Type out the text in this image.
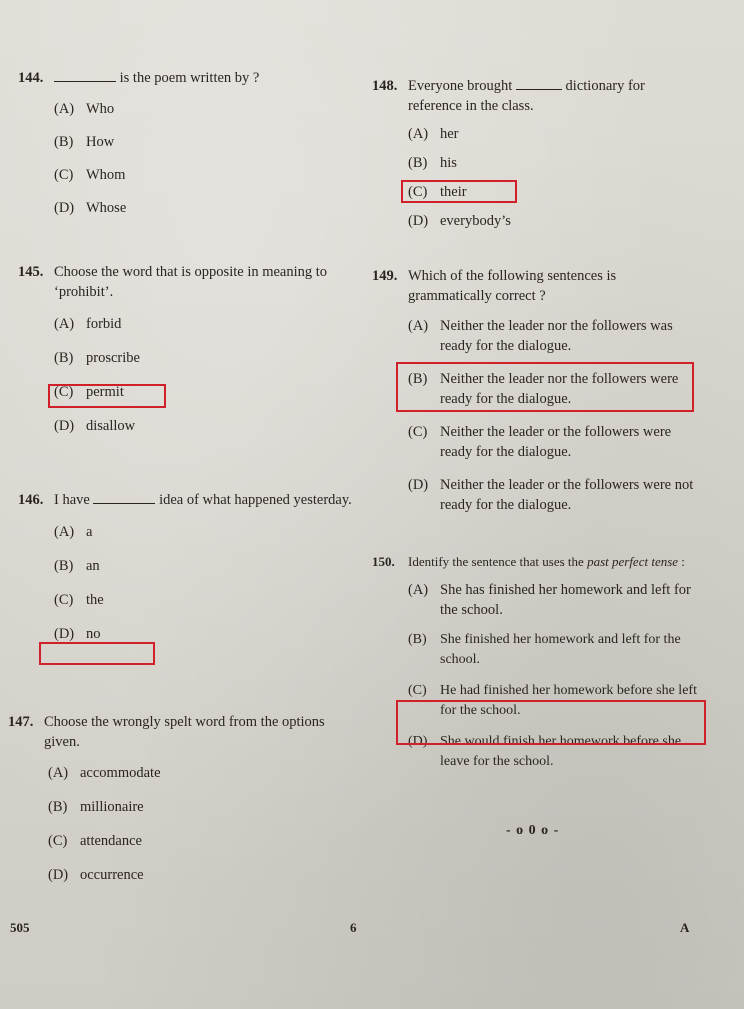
144.	is the poem written by ?
(A) Who
(B) How
(C) Whom
(D) Whose
145. Choose the word that is opposite in meaning to ‘prohibit’.
(A) forbid
(B) proscribe
(C) permit
(D) disallow
146. I have	idea of what happened yesterday.
(A) a
(B) an
(C) the
(D) no
147. Choose the wrongly spelt word from the options given.
(A) accommodate
(B) millionaire
(C) attendance
(D) occurrence
148. Everyone brought	dictionary for reference in the class.
(A) her
(B) his
(C) their
(D) everybody’s
149. Which of the following sentences is grammatically correct ?
(A) Neither the leader nor the followers was ready for the dialogue.
(B) Neither the leader nor the followers were ready for the dialogue.
(C) Neither the leader or the followers were ready for the dialogue.
(D) Neither the leader or the followers were not ready for the dialogue.
150.	Identify the sentence that uses the past perfect tense :
(A) She has finished her homework and left for the school.
(B) She finished her homework and left for the school.
(C) He had finished her homework before she left for the school.
(D) She would finish her homework before she leave for the school.
- o 0 o -
505	6	A
